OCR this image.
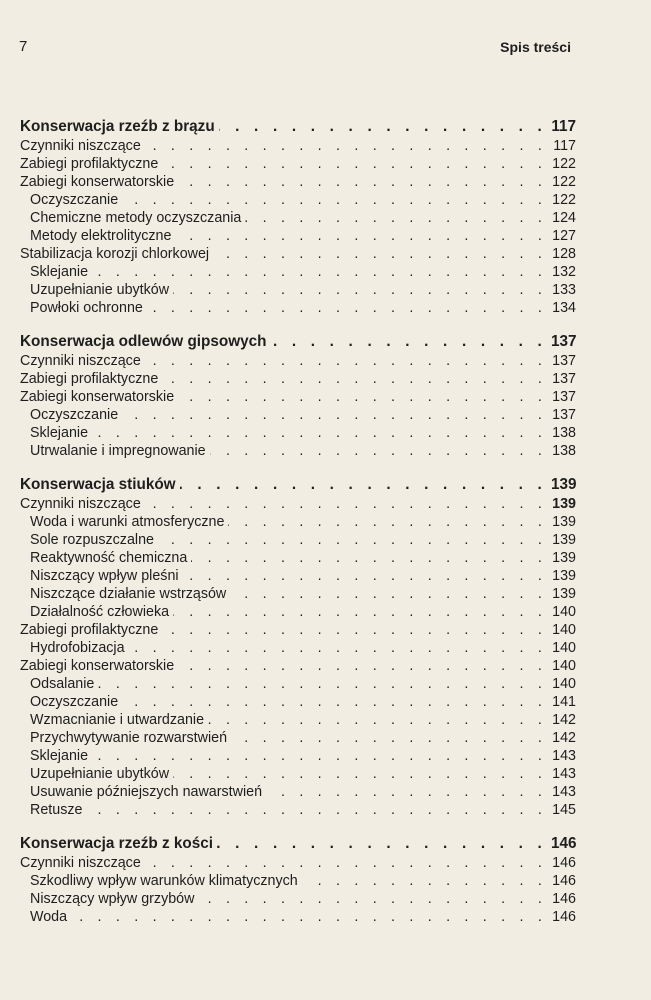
7	Spis treści
Konserwacja rzeźb z brązu . . .	117
Czynniki niszczące . . .	117
Zabiegi profilaktyczne . . .	122
Zabiegi konserwatorskie . . .	122
Oczyszczanie . . .	122
Chemiczne metody oczyszczania . . .	124
Metody elektrolityczne . . .	127
Stabilizacja korozji chlorkowej . . .	128
Sklejanie . . .	132
Uzupełnianie ubytków . . .	133
Powłoki ochronne . . .	134
Konserwacja odlewów gipsowych . . .	137
Czynniki niszczące . . .	137
Zabiegi profilaktyczne . . .	137
Zabiegi konserwatorskie . . .	137
Oczyszczanie . . .	137
Sklejanie . . .	138
Utrwalanie i impregnowanie . . .	138
Konserwacja stiuków . . .	139
Czynniki niszczące . . .	139
Woda i warunki atmosferyczne . . .	139
Sole rozpuszczalne . . .	139
Reaktywność chemiczna . . .	139
Niszczący wpływ pleśni . . .	139
Niszczące działanie wstrząsów . . .	139
Działalność człowieka . . .	140
Zabiegi profilaktyczne . . .	140
Hydrofobizacja . . .	140
Zabiegi konserwatorskie . . .	140
Odsalanie . . .	140
Oczyszczanie . . .	141
Wzmacnianie i utwardzanie . . .	142
Przychwytywanie rozwarstwień . . .	142
Sklejanie . . .	143
Uzupełnianie ubytków . . .	143
Usuwanie późniejszych nawarstwień . . .	143
Retusze . . .	145
Konserwacja rzeźb z kości . . .	146
Czynniki niszczące . . .	146
Szkodliwy wpływ warunków klimatycznych . . .	146
Niszczący wpływ grzybów . . .	146
Woda . . .	146
